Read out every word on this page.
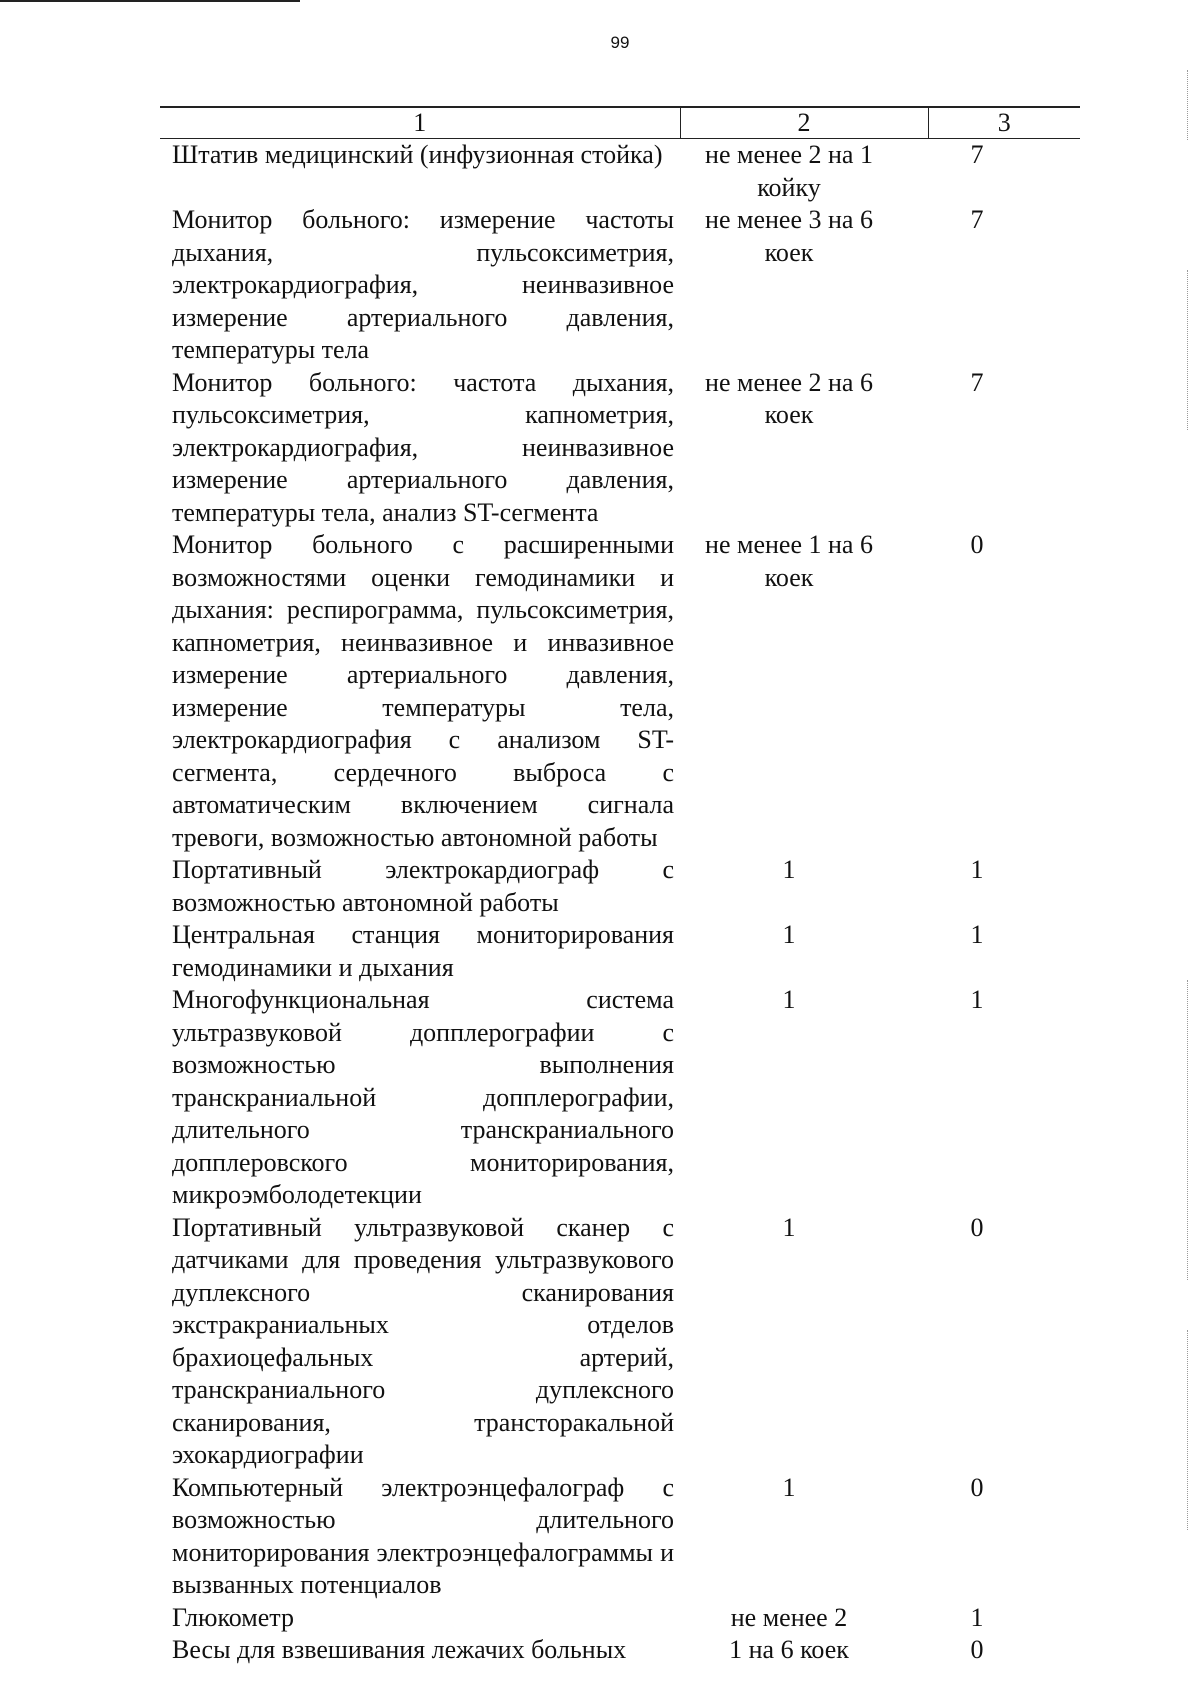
99
1	2	3
Штатив медицинский (инфузионная стойка)	не менее 2 на 1 койку	7
Монитор больного: измерение частоты дыхания, пульсоксиметрия, электрокардиография, неинвазивное измерение артериального давления, температуры тела	не менее 3 на 6 коек	7
Монитор больного: частота дыхания, пульсоксиметрия, капнометрия, электрокардиография, неинвазивное измерение артериального давления, температуры тела, анализ ST-сегмента	не менее 2 на 6 коек	7
Монитор больного с расширенными возможностями оценки гемодинамики и дыхания: респирограмма, пульсоксиметрия, капнометрия, неинвазивное и инвазивное измерение артериального давления, измерение температуры тела, электрокардиография с анализом ST-сегмента, сердечного выброса с автоматическим включением сигнала тревоги, возможностью автономной работы	не менее 1 на 6 коек	0
Портативный электрокардиограф с возможностью автономной работы	1	1
Центральная станция мониторирования гемодинамики и дыхания	1	1
Многофункциональная система ультразвуковой допплерографии с возможностью выполнения транскраниальной допплерографии, длительного транскраниального допплеровского мониторирования, микроэмболодетекции	1	1
Портативный ультразвуковой сканер с датчиками для проведения ультразвукового дуплексного сканирования экстракраниальных отделов брахиоцефальных артерий, транскраниального дуплексного сканирования, трансторакальной эхокардиографии	1	0
Компьютерный электроэнцефалограф с возможностью длительного мониторирования электроэнцефалограммы и вызванных потенциалов	1	0
Глюкометр	не менее 2	1
Весы для взвешивания лежачих больных	1 на 6 коек	0
